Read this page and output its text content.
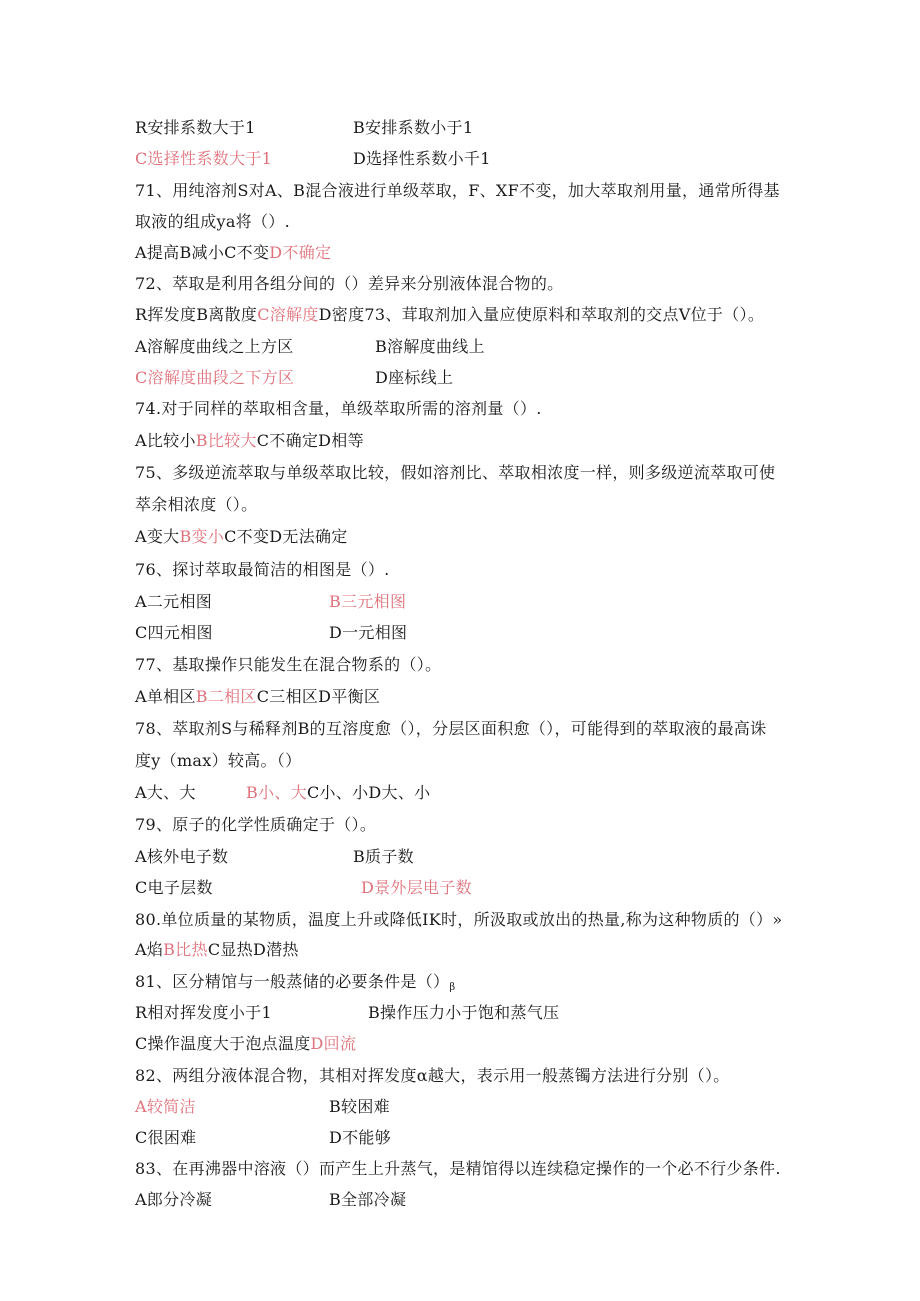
R安排系数大于1	B安排系数小于1
C选择性系数大于1	D选择性系数小千1
71、用纯溶剂S对A、B混合液进行单级萃取，F、XF不变，加大萃取剂用量，通常所得基
取液的组成ya将（）.
A提高B减小C不变D不确定
72、萃取是利用各组分间的（）差异来分别液体混合物的。
R挥发度B离散度C溶解度D密度73、茸取剂加入量应使原料和萃取剂的交点V位于（）。
A溶解度曲线之上方区	B溶解度曲线上
C溶解度曲段之下方区	D座标线上
74.对于同样的萃取相含量，单级萃取所需的溶剂量（）.
A比较小B比较大C不确定D相等
75、多级逆流萃取与单级萃取比较，假如溶剂比、萃取相浓度一样，则多级逆流萃取可使
萃余相浓度（）。
A变大B变小C不变D无法确定
76、探讨萃取最简洁的相图是（）.
A二元相图	B三元相图
C四元相图	D一元相图
77、基取操作只能发生在混合物系的（）。
A单相区B二相区C三相区D平衡区
78、萃取剂S与稀释剂B的互溶度愈（），分层区面积愈（），可能得到的萃取液的最高诛
度y（max）较高。（）
A大、大	B小、大C小、小D大、小
79、原子的化学性质确定于（）。
A核外电子数	B质子数
C电子层数	D景外层电子数
80.单位质量的某物质，温度上升或降低IK时，所汲取或放出的热量,称为这种物质的（）»
A焰B比热C显热D潜热
81、区分精馆与一般蒸储的必要条件是（）β
R相对挥发度小于1	B操作压力小于饱和蒸气压
C操作温度大于泡点温度D回流
82、两组分液体混合物，其相对挥发度α越大，表示用一般蒸镯方法进行分别（）。
A较简洁	B较困难
C很困难	D不能够
83、在再沸器中溶液（）而产生上升蒸气，是精馆得以连续稳定操作的一个必不行少条件.
A郎分冷凝	B全部冷凝
